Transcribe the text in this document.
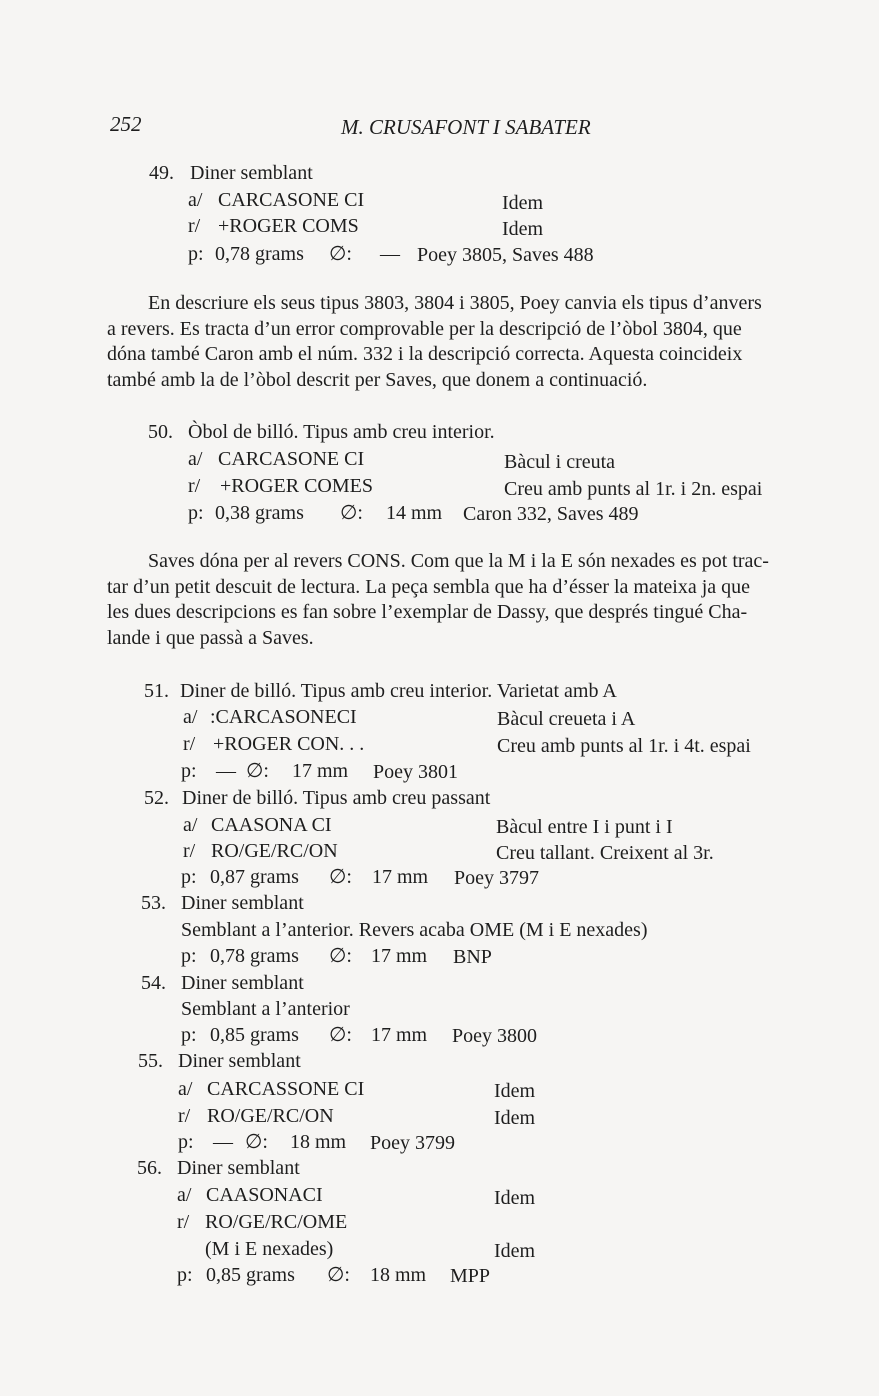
252	M. CRUSAFONT I SABATER
49. Diner semblant
a/ CARCASONE CI	Idem
r/ +ROGER COMS	Idem
p: 0,78 grams ∅: — Poey 3805, Saves 488
En descriure els seus tipus 3803, 3804 i 3805, Poey canvia els tipus d’anvers
a revers. Es tracta d’un error comprovable per la descripció de l’òbol 3804, que
dóna també Caron amb el núm. 332 i la descripció correcta. Aquesta coincideix
també amb la de l’òbol descrit per Saves, que donem a continuació.
50. Òbol de billó. Tipus amb creu interior.
a/ CARCASONE CI	Bàcul i creuta
r/ +ROGER COMES	Creu amb punts al 1r. i 2n. espai
p: 0,38 grams ∅: 14 mm Caron 332, Saves 489
Saves dóna per al revers CONS. Com que la M i la E són nexades es pot trac-
tar d’un petit descuit de lectura. La peça sembla que ha d’ésser la mateixa ja que
les dues descripcions es fan sobre l’exemplar de Dassy, que després tingué Cha-
lande i que passà a Saves.
51. Diner de billó. Tipus amb creu interior. Varietat amb A
a/ :CARCASONECI	Bàcul creueta i A
r/ +ROGER CON. . .	Creu amb punts al 1r. i 4t. espai
p: — ∅: 17 mm Poey 3801
52. Diner de billó. Tipus amb creu passant
a/ CAASONA CI	Bàcul entre I i punt i I
r/ RO/GE/RC/ON	Creu tallant. Creixent al 3r.
p: 0,87 grams ∅: 17 mm Poey 3797
53. Diner semblant
Semblant a l’anterior. Revers acaba OME (M i E nexades)
p: 0,78 grams ∅: 17 mm BNP
54. Diner semblant
Semblant a l’anterior
p: 0,85 grams ∅: 17 mm Poey 3800
55. Diner semblant
a/ CARCASSONE CI	Idem
r/ RO/GE/RC/ON	Idem
p: — ∅: 18 mm Poey 3799
56. Diner semblant
a/ CAASONACI	Idem
r/ RO/GE/RC/OME
(M i E nexades)	Idem
p: 0,85 grams ∅: 18 mm MPP
